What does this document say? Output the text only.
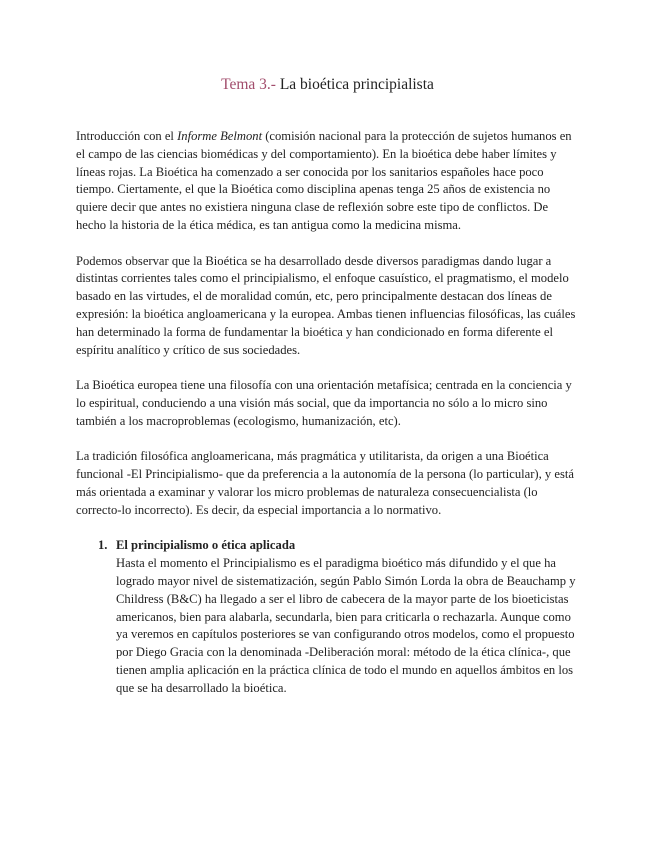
Tema 3.- La bioética principialista

Introducción con el Informe Belmont (comisión nacional para la protección de sujetos humanos en el campo de las ciencias biomédicas y del comportamiento). En la bioética debe haber límites y líneas rojas. La Bioética ha comenzado a ser conocida por los sanitarios españoles hace poco tiempo. Ciertamente, el que la Bioética como disciplina apenas tenga 25 años de existencia no quiere decir que antes no existiera ninguna clase de reflexión sobre este tipo de conflictos. De hecho la historia de la ética médica, es tan antigua como la medicina misma.

Podemos observar que la Bioética se ha desarrollado desde diversos paradigmas dando lugar a distintas corrientes tales como el principialismo, el enfoque casuístico, el pragmatismo, el modelo basado en las virtudes, el de moralidad común, etc, pero principalmente destacan dos líneas de expresión: la bioética angloamericana y la europea. Ambas tienen influencias filosóficas, las cuáles han determinado la forma de fundamentar la bioética y han condicionado en forma diferente el espíritu analítico y crítico de sus sociedades.

La Bioética europea tiene una filosofía con una orientación metafísica; centrada en la conciencia y lo espiritual, conduciendo a una visión más social, que da importancia no sólo a lo micro sino también a los macroproblemas (ecologismo, humanización, etc).

La tradición filosófica angloamericana, más pragmática y utilitarista, da origen a una Bioética funcional -El Principialismo- que da preferencia a la autonomía de la persona (lo particular), y está más orientada a examinar y valorar los micro problemas de naturaleza consecuencialista (lo correcto-lo incorrecto). Es decir, da especial importancia a lo normativo.

1. El principialismo o ética aplicada
Hasta el momento el Principialismo es el paradigma bioético más difundido y el que ha logrado mayor nivel de sistematización, según Pablo Simón Lorda la obra de Beauchamp y Childress (B&C) ha llegado a ser el libro de cabecera de la mayor parte de los bioeticistas americanos, bien para alabarla, secundarla, bien para criticarla o rechazarla. Aunque como ya veremos en capítulos posteriores se van configurando otros modelos, como el propuesto por Diego Gracia con la denominada -Deliberación moral: método de la ética clínica-, que tienen amplia aplicación en la práctica clínica de todo el mundo en aquellos ámbitos en los que se ha desarrollado la bioética.
